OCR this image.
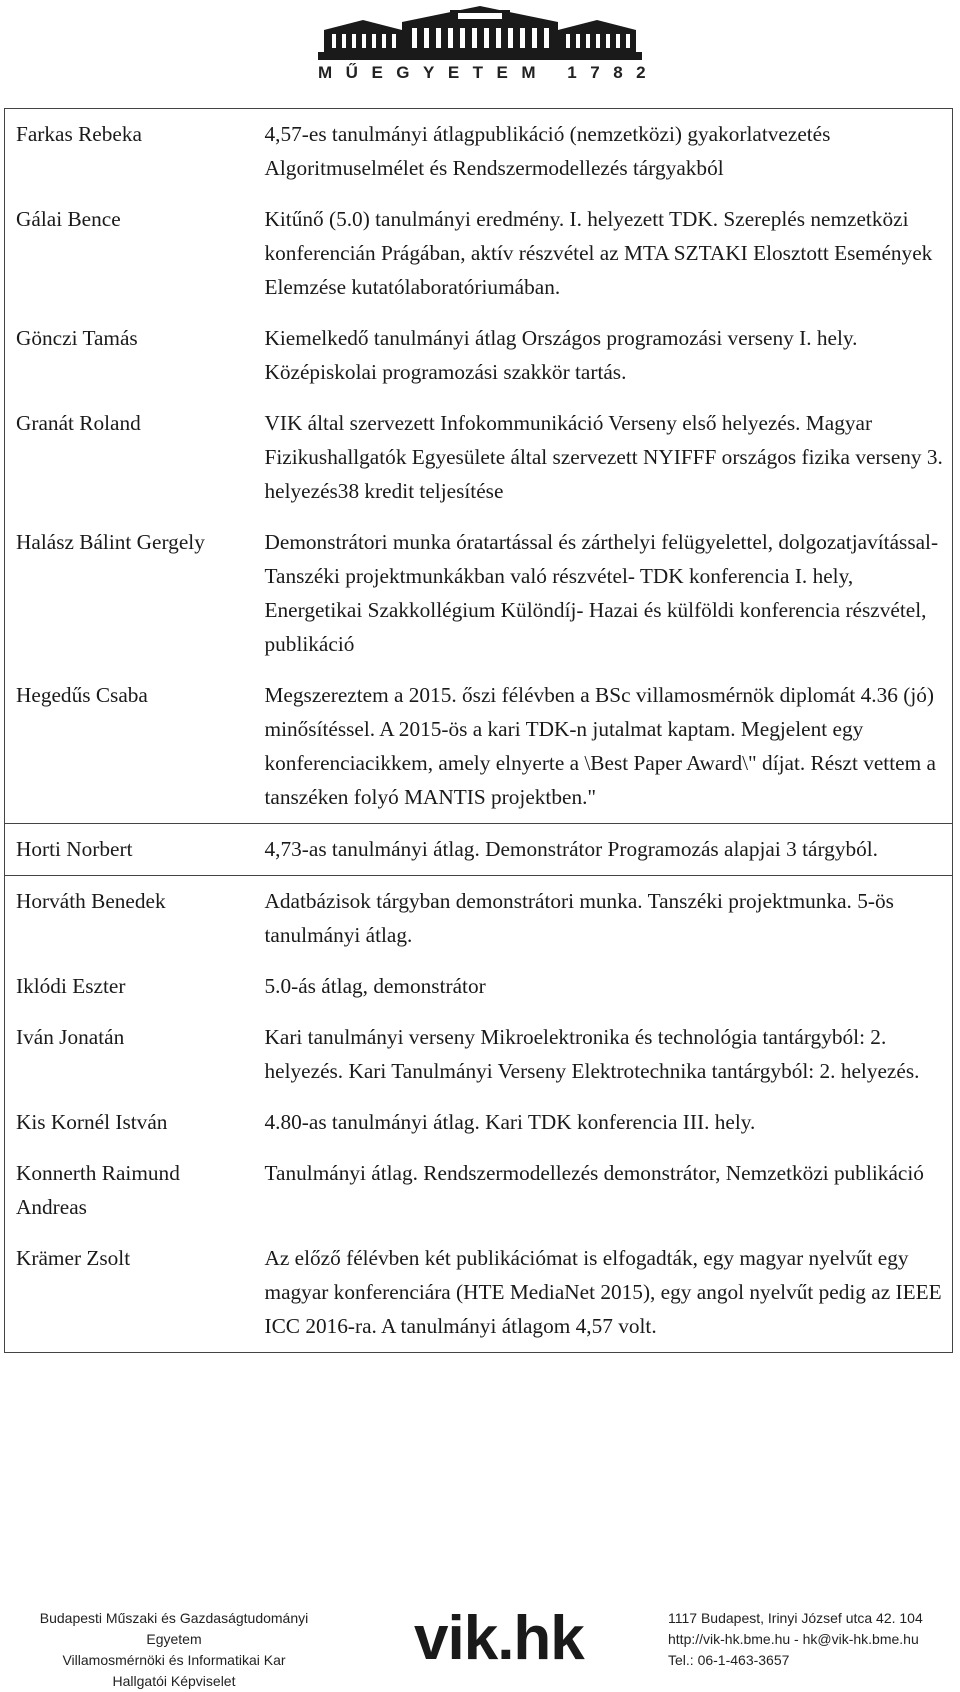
MŰEGYETEM 1782
Farkas Rebeka	4,57-es tanulmányi átlagpublikáció (nemzetközi) gyakorlatvezetés Algoritmuselmélet és Rendszermodellezés tárgyakból
Gálai Bence	Kitűnő (5.0) tanulmányi eredmény. I. helyezett TDK. Szereplés nemzetközi konferencián Prágában, aktív részvétel az MTA SZTAKI Elosztott Események Elemzése kutatólaboratóriumában.
Gönczi Tamás	Kiemelkedő tanulmányi átlag Országos programozási verseny I. hely. Középiskolai programozási szakkör tartás.
Granát Roland	VIK által szervezett Infokommunikáció Verseny első helyezés. Magyar Fizikushallgatók Egyesülete által szervezett NYIFFF országos fizika verseny 3. helyezés38 kredit teljesítése
Halász Bálint Gergely	Demonstrátori munka óratartással és zárthelyi felügyelettel, dolgozatjavítással- Tanszéki projektmunkákban való részvétel- TDK konferencia I. hely, Energetikai Szakkollégium Különdíj- Hazai és külföldi konferencia részvétel, publikáció
Hegedűs Csaba	Megszereztem a 2015. őszi félévben a BSc villamosmérnök diplomát 4.36 (jó) minősítéssel. A 2015-ös a kari TDK-n jutalmat kaptam. Megjelent egy konferenciacikkem, amely elnyerte a \Best Paper Award\" díjat. Részt vettem a tanszéken folyó MANTIS projektben."
Horti Norbert	4,73-as tanulmányi átlag. Demonstrátor Programozás alapjai 3 tárgyból.
Horváth Benedek	Adatbázisok tárgyban demonstrátori munka. Tanszéki projektmunka. 5-ös tanulmányi átlag.
Iklódi Eszter	5.0-ás átlag, demonstrátor
Iván Jonatán	Kari tanulmányi verseny Mikroelektronika és technológia tantárgyból: 2. helyezés. Kari Tanulmányi Verseny Elektrotechnika tantárgyból: 2. helyezés.
Kis Kornél István	4.80-as tanulmányi átlag. Kari TDK konferencia III. hely.
Konnerth Raimund Andreas	Tanulmányi átlag. Rendszermodellezés demonstrátor, Nemzetközi publikáció
Krämer Zsolt	Az előző félévben két publikációmat is elfogadták, egy magyar nyelvűt egy magyar konferenciára (HTE MediaNet 2015), egy angol nyelvűt pedig az IEEE ICC 2016-ra. A tanulmányi átlagom 4,57 volt.
Budapesti Műszaki és Gazdaságtudományi Egyetem
Villamosmérnöki és Informatikai Kar
Hallgatói Képviselet
vik.hk	1117 Budapest, Irinyi József utca 42. 104
http://vik-hk.bme.hu - hk@vik-hk.bme.hu
Tel.: 06-1-463-3657
